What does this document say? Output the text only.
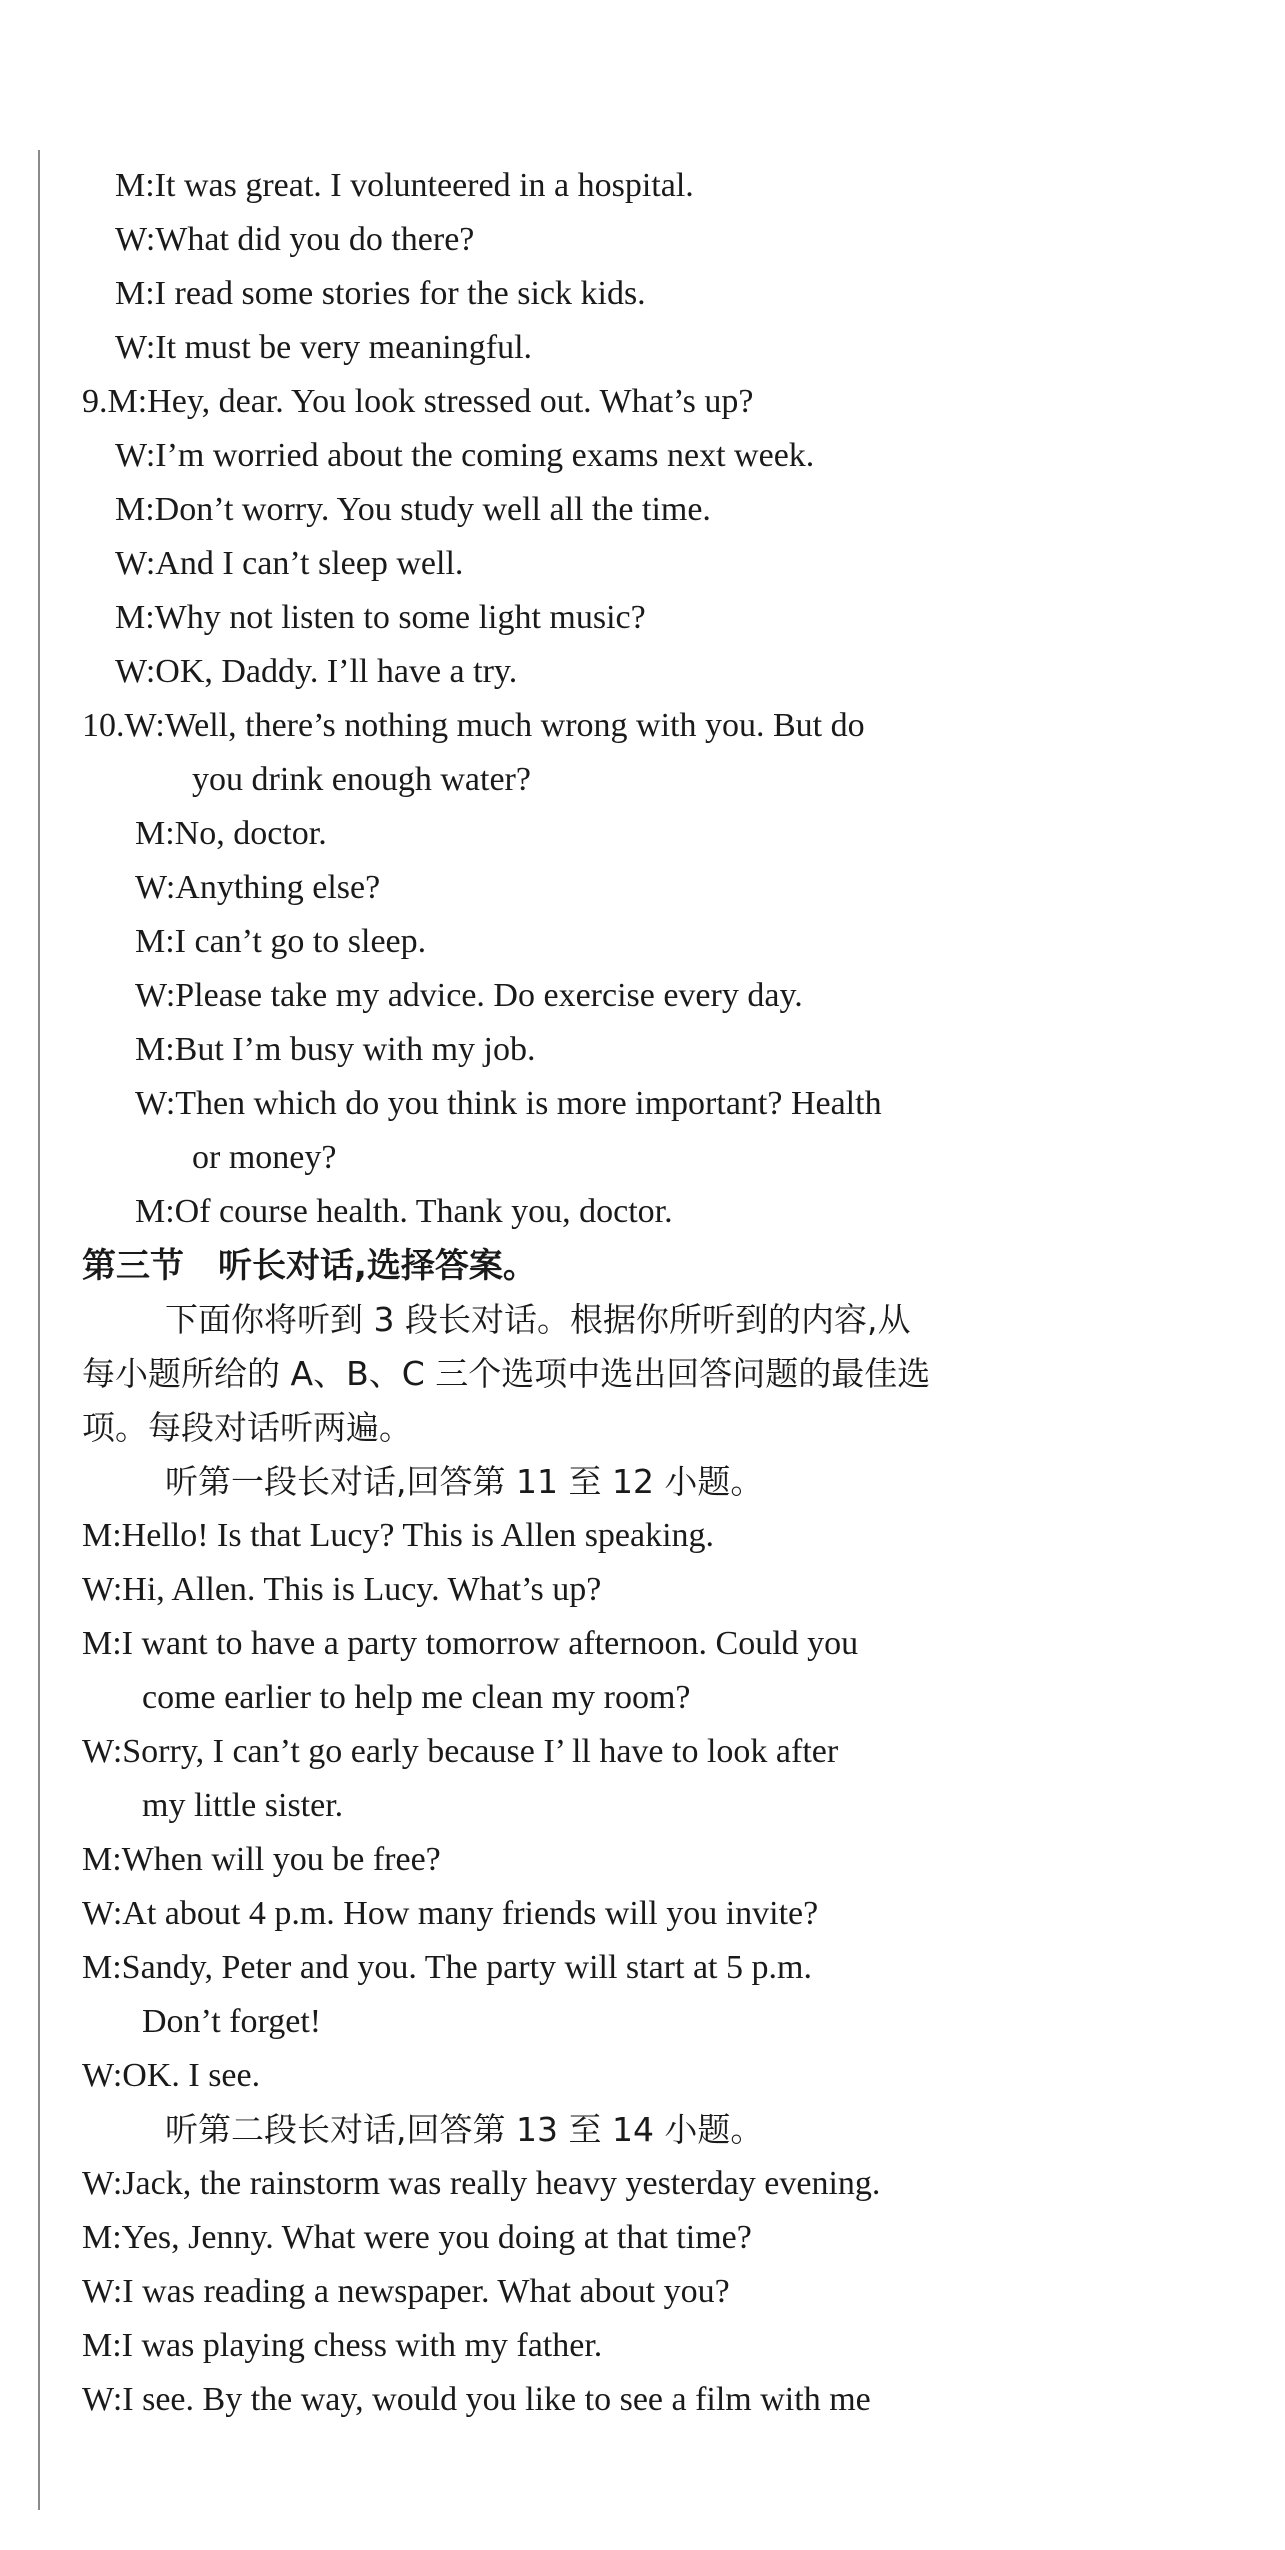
M:It was great. I volunteered in a hospital.
W:What did you do there?
M:I read some stories for the sick kids.
W:It must be very meaningful.
9.M:Hey, dear. You look stressed out. What’s up?
W:I’m worried about the coming exams next week.
M:Don’t worry. You study well all the time.
W:And I can’t sleep well.
M:Why not listen to some light music?
W:OK, Daddy. I’ll have a try.
10.W:Well, there’s nothing much wrong with you. But do
you drink enough water?
M:No, doctor.
W:Anything else?
M:I can’t go to sleep.
W:Please take my advice. Do exercise every day.
M:But I’m busy with my job.
W:Then which do you think is more important? Health
or money?
M:Of course health. Thank you, doctor.
第三节　听长对话,选择答案。
下面你将听到 3 段长对话。根据你所听到的内容,从
每小题所给的 A、B、C 三个选项中选出回答问题的最佳选
项。每段对话听两遍。
听第一段长对话,回答第 11 至 12 小题。
M:Hello! Is that Lucy? This is Allen speaking.
W:Hi, Allen. This is Lucy. What’s up?
M:I want to have a party tomorrow afternoon. Could you
come earlier to help me clean my room?
W:Sorry, I can’t go early because I’ ll have to look after
my little sister.
M:When will you be free?
W:At about 4 p.m. How many friends will you invite?
M:Sandy, Peter and you. The party will start at 5 p.m.
Don’t forget!
W:OK. I see.
听第二段长对话,回答第 13 至 14 小题。
W:Jack, the rainstorm was really heavy yesterday evening.
M:Yes, Jenny. What were you doing at that time?
W:I was reading a newspaper. What about you?
M:I was playing chess with my father.
W:I see. By the way, would you like to see a film with me
